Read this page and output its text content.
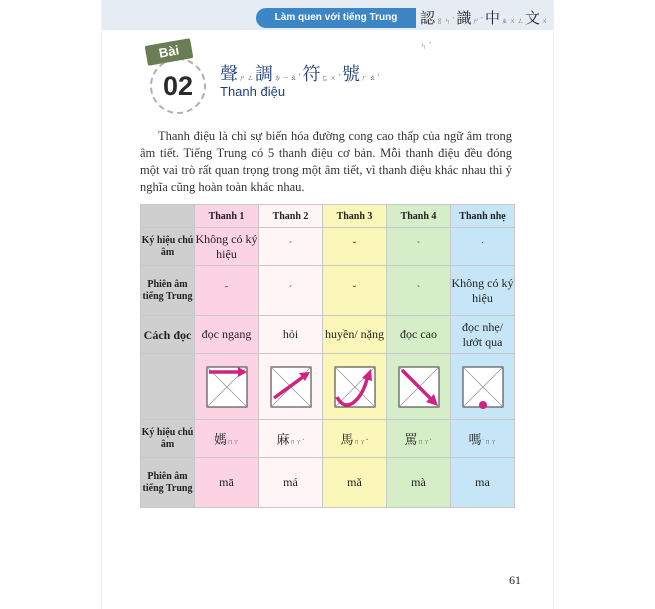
Làm quen với tiếng Trung	認ㄖㄣˋ識ㄕˋ中ㄓㄨㄥ文ㄨㄣˊ
Bài
02	聲ㄕㄥ調ㄉㄧㄠˋ符ㄈㄨˊ號ㄏㄠˋ
Thanh điệu

Thanh điệu là chỉ sự biến hóa đường cong cao thấp của ngữ âm trong âm tiết. Tiếng Trung có 5 thanh điệu cơ bản. Mỗi thanh điệu đều đóng một vai trò rất quan trọng trong một âm tiết, vì thanh điệu khác nhau thì ý nghĩa cũng hoàn toàn khác nhau.

	Thanh 1	Thanh 2	Thanh 3	Thanh 4	Thanh nhẹ
Ký hiệu chú âm	Không có ký hiệu	ˊ	ˇ	ˋ	˙
Phiên âm tiếng Trung	ˉ	ˊ	ˇ	ˋ	Không có ký hiệu
Cách đọc	đọc ngang	hỏi	huyền/ nặng	đọc cao	đọc nhẹ/ lướt qua

Ký hiệu chú âm	媽ㄇㄚ	麻ㄇㄚˊ	馬ㄇㄚˇ	罵ㄇㄚˋ	嗎˙ㄇㄚ
Phiên âm tiếng Trung	mā	má	mǎ	mà	ma
61
